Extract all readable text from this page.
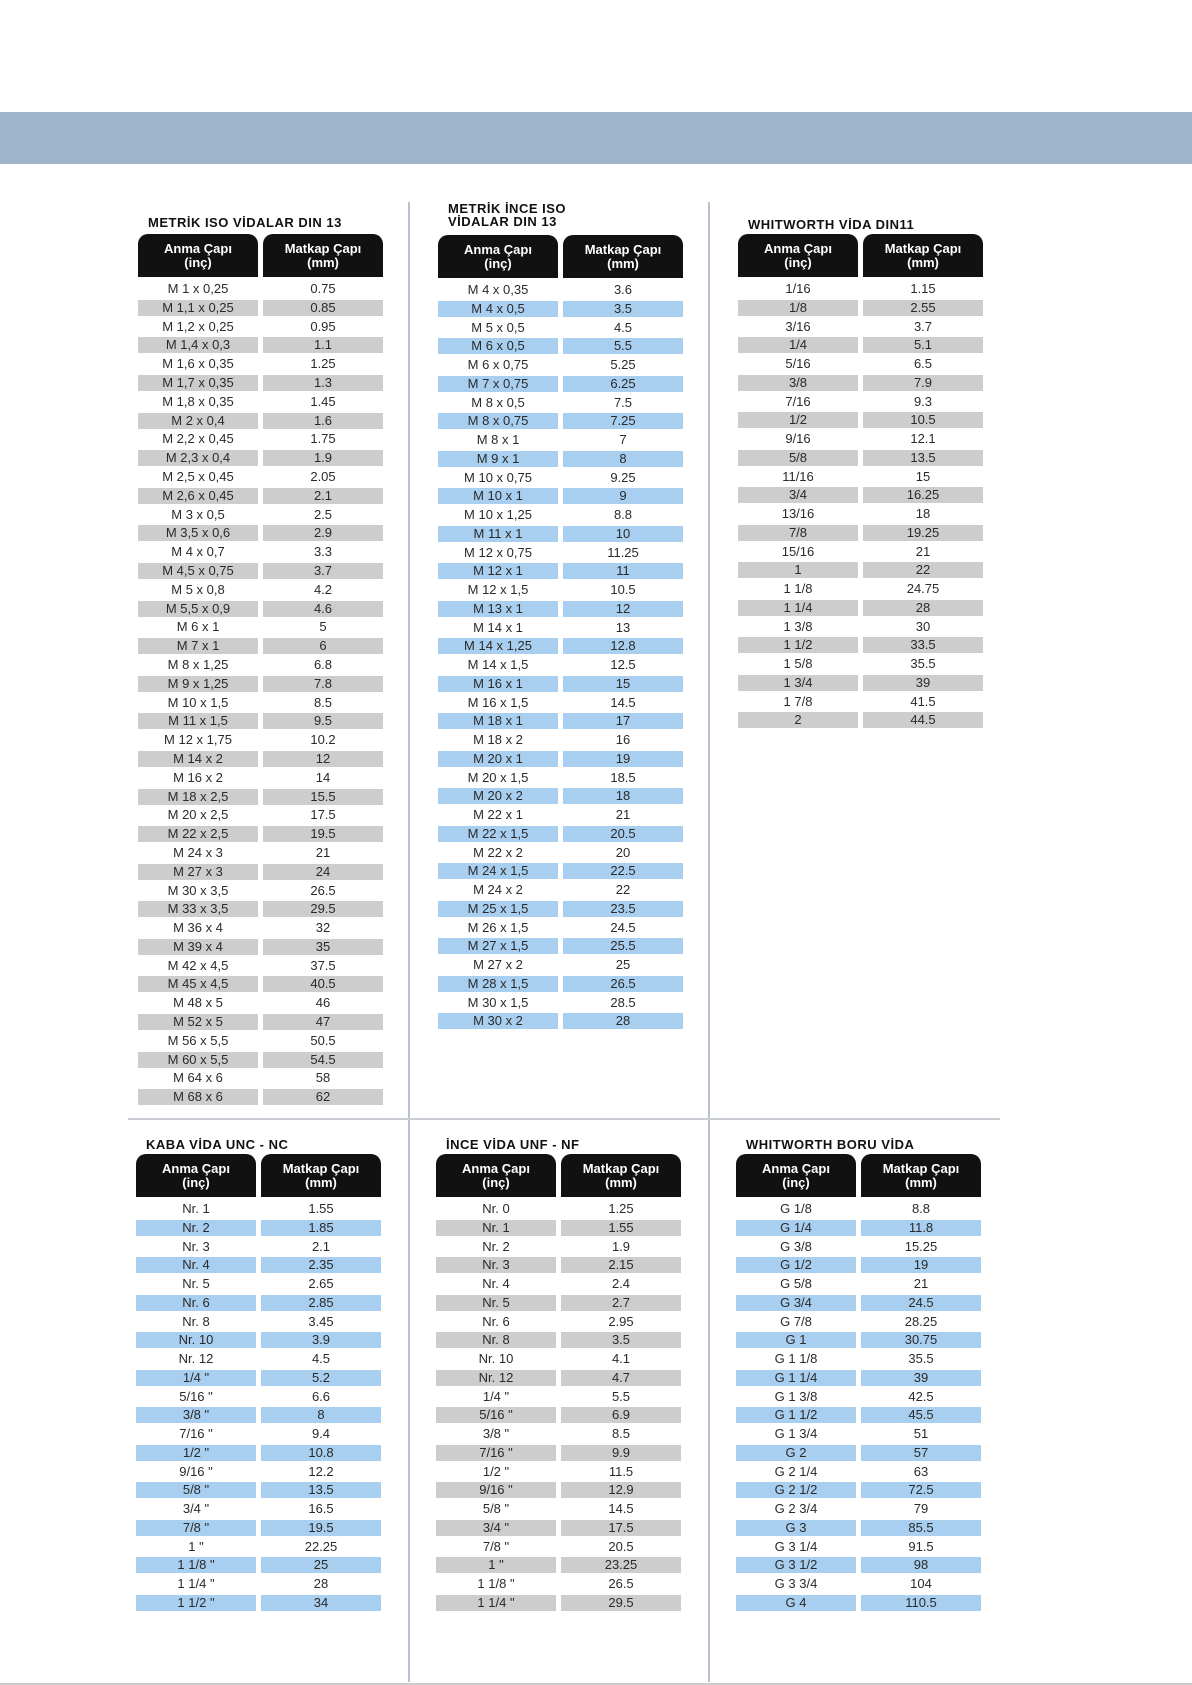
METRİK ISO VİDALAR DIN 13
Anma Çapı
(inç)
Matkap Çapı
(mm)
M 1 x 0,25	0.75
M 1,1 x 0,25	0.85
M 1,2 x 0,25	0.95
M 1,4 x 0,3	1.1
M 1,6 x 0,35	1.25
M 1,7 x 0,35	1.3
M 1,8 x 0,35	1.45
M 2 x 0,4	1.6
M 2,2 x 0,45	1.75
M 2,3 x 0,4	1.9
M 2,5 x 0,45	2.05
M 2,6 x 0,45	2.1
M 3 x 0,5	2.5
M 3,5 x 0,6	2.9
M 4 x 0,7	3.3
M 4,5 x 0,75	3.7
M 5 x 0,8	4.2
M 5,5 x 0,9	4.6
M 6 x 1	5
M 7 x 1	6
M 8 x 1,25	6.8
M 9 x 1,25	7.8
M 10 x 1,5	8.5
M 11 x 1,5	9.5
M 12 x 1,75	10.2
M 14 x 2	12
M 16 x 2	14
M 18 x 2,5	15.5
M 20 x 2,5	17.5
M 22 x 2,5	19.5
M 24 x 3	21
M 27 x 3	24
M 30 x 3,5	26.5
M 33 x 3,5	29.5
M 36 x 4	32
M 39 x 4	35
M 42 x 4,5	37.5
M 45 x 4,5	40.5
M 48 x 5	46
M 52 x 5	47
M 56 x 5,5	50.5
M 60 x 5,5	54.5
M 64 x 6	58
M 68 x 6	62
METRİK İNCE ISO
VİDALAR DIN 13
Anma Çapı
(inç)
Matkap Çapı
(mm)
M 4 x 0,35	3.6
M 4 x 0,5	3.5
M 5 x 0,5	4.5
M 6 x 0,5	5.5
M 6 x 0,75	5.25
M 7 x 0,75	6.25
M 8 x 0,5	7.5
M 8 x 0,75	7.25
M 8 x 1	7
M 9 x 1	8
M 10 x 0,75	9.25
M 10 x 1	9
M 10 x 1,25	8.8
M 11 x 1	10
M 12 x 0,75	11.25
M 12 x 1	11
M 12 x 1,5	10.5
M 13 x 1	12
M 14 x 1	13
M 14 x 1,25	12.8
M 14 x 1,5	12.5
M 16 x 1	15
M 16 x 1,5	14.5
M 18 x 1	17
M 18 x 2	16
M 20 x 1	19
M 20 x 1,5	18.5
M 20 x 2	18
M 22 x 1	21
M 22 x 1,5	20.5
M 22 x 2	20
M 24 x 1,5	22.5
M 24 x 2	22
M 25 x 1,5	23.5
M 26 x 1,5	24.5
M 27 x 1,5	25.5
M 27 x 2	25
M 28 x 1,5	26.5
M 30 x 1,5	28.5
M 30 x 2	28
WHITWORTH VİDA DIN11
Anma Çapı
(inç)
Matkap Çapı
(mm)
1/16	1.15
1/8	2.55
3/16	3.7
1/4	5.1
5/16	6.5
3/8	7.9
7/16	9.3
1/2	10.5
9/16	12.1
5/8	13.5
11/16	15
3/4	16.25
13/16	18
7/8	19.25
15/16	21
1	22
1 1/8	24.75
1 1/4	28
1 3/8	30
1 1/2	33.5
1 5/8	35.5
1 3/4	39
1 7/8	41.5
2	44.5
KABA VİDA UNC - NC
Anma Çapı
(inç)
Matkap Çapı
(mm)
Nr. 1	1.55
Nr. 2	1.85
Nr. 3	2.1
Nr. 4	2.35
Nr. 5	2.65
Nr. 6	2.85
Nr. 8	3.45
Nr. 10	3.9
Nr. 12	4.5
1/4 "	5.2
5/16 "	6.6
3/8 "	8
7/16 "	9.4
1/2 "	10.8
9/16 "	12.2
5/8 "	13.5
3/4 "	16.5
7/8 "	19.5
1 "	22.25
1 1/8 "	25
1 1/4 "	28
1 1/2 "	34
İNCE VİDA UNF - NF
Anma Çapı
(inç)
Matkap Çapı
(mm)
Nr. 0	1.25
Nr. 1	1.55
Nr. 2	1.9
Nr. 3	2.15
Nr. 4	2.4
Nr. 5	2.7
Nr. 6	2.95
Nr. 8	3.5
Nr. 10	4.1
Nr. 12	4.7
1/4 "	5.5
5/16 "	6.9
3/8 "	8.5
7/16 "	9.9
1/2 "	11.5
9/16 "	12.9
5/8 "	14.5
3/4 "	17.5
7/8 "	20.5
1 "	23.25
1 1/8 "	26.5
1 1/4 "	29.5
WHITWORTH BORU VİDA
Anma Çapı
(inç)
Matkap Çapı
(mm)
G 1/8	8.8
G 1/4	11.8
G 3/8	15.25
G 1/2	19
G 5/8	21
G 3/4	24.5
G 7/8	28.25
G 1	30.75
G 1 1/8	35.5
G 1 1/4	39
G 1 3/8	42.5
G 1 1/2	45.5
G 1 3/4	51
G 2	57
G 2 1/4	63
G 2 1/2	72.5
G 2 3/4	79
G 3	85.5
G 3 1/4	91.5
G 3 1/2	98
G 3 3/4	104
G 4	110.5
